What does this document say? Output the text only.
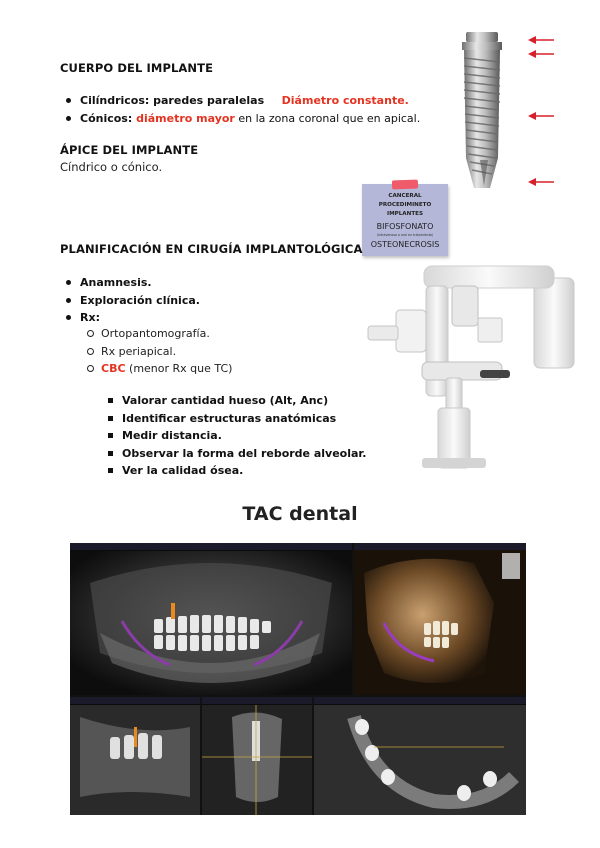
CUERPO DEL IMPLANTE
Cilíndricos: paredes paralelas Diámetro constante.
Cónicos: diámetro mayor en la zona coronal que en apical.
ÁPICE DEL IMPLANTE
Cíndrico o cónico.
CANCERAL
PROCEDIMINETO
IMPLANTES
BIFOSFONATO
(intravenoso o oral en tratamiento)
OSTEONECROSIS
PLANIFICACIÓN EN CIRUGÍA IMPLANTOLÓGICA
Anamnesis.
Exploración clínica.
Rx:
Ortopantomografía.
Rx periapical.
CBC (menor Rx que TC)
Valorar cantidad hueso (Alt, Anc)
Identificar estructuras anatómicas
Medir distancia.
Observar la forma del reborde alveolar.
Ver la calidad ósea.
TAC dental
